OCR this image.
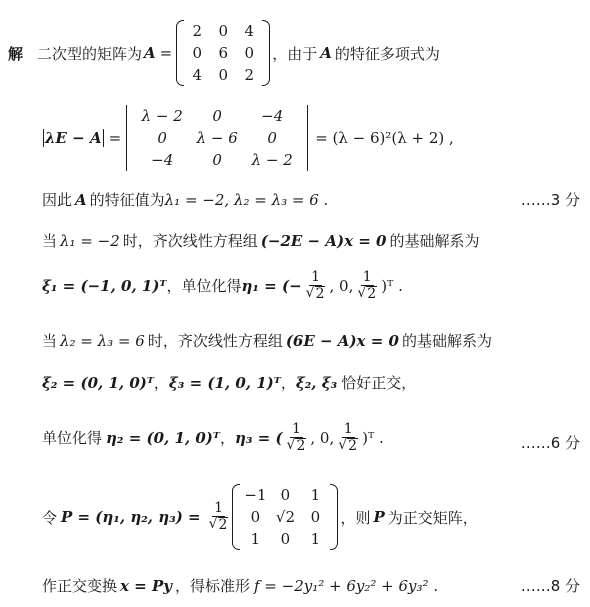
解 二次型的矩阵为 A =
2	0	4
0	6	0
4	0	2
，由于 A 的特征多项式为
λE − A =
λ − 2	0	−4
0	λ − 6	0
−4	0	λ − 2
= (λ − 6)²(λ + 2) ,
因此 A 的特征值为 λ₁ = −2, λ₂ = λ₃ = 6 .	……3 分
当 λ₁ = −2 时，齐次线性方程组 (−2E − A)x = 0 的基础解系为
ξ₁ = (−1, 0, 1)ᵀ ，单位化得 η₁ = (− $\frac{1}{√ 2}$ , 0, $\frac{1}{√ 2}$ )ᵀ .
当 λ₂ = λ₃ = 6 时，齐次线性方程组 (6E − A)x = 0 的基础解系为
ξ₂ = (0, 1, 0)ᵀ ， ξ₃ = (1, 0, 1)ᵀ ， ξ₂, ξ₃ 恰好正交，
单位化得 η₂ = (0, 1, 0)ᵀ ， η₃ = ( $\frac{1}{√ 2}$ , 0, $\frac{1}{√ 2}$ )ᵀ .	……6 分
令 P = (η₁, η₂, $\eta_3) = \frac{1}{√ 2}$
−1 0	1
0	√2	0
1	0	1
，则 P 为正交矩阵，
作正交变换 x = Py ，得标准形 f = −2y₁² + 6y₂² + 6y₃² .	……8 分
